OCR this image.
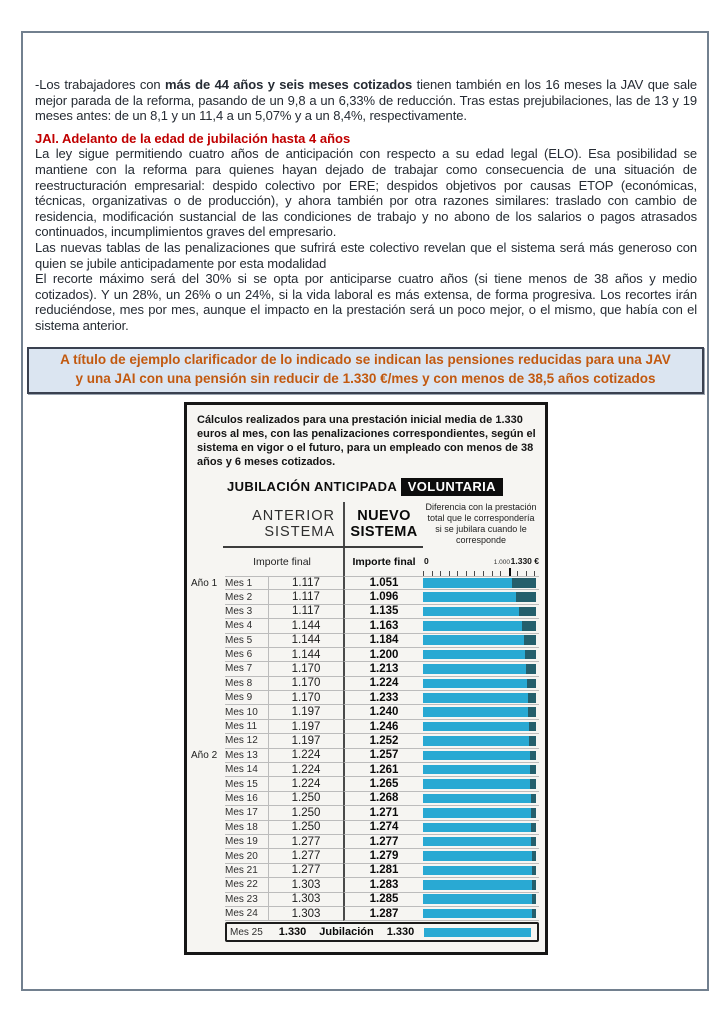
-Los trabajadores con más de 44 años y seis meses cotizados tienen también en los 16 meses la JAV que sale mejor parada de la reforma, pasando de un 9,8 a un 6,33% de reducción. Tras estas prejubilaciones, las de 13 y 19 meses antes: de un 8,1 y un 11,4 a un 5,07% y a un 8,4%, respectivamente.

JAI. Adelanto de la edad de jubilación hasta 4 años

La ley sigue permitiendo cuatro años de anticipación con respecto a su edad legal (ELO). Esa posibilidad se mantiene con la reforma para quienes hayan dejado de trabajar como consecuencia de una situación de reestructuración empresarial: despido colectivo por ERE; despidos objetivos por causas ETOP (económicas, técnicas, organizativas o de producción), y ahora también por otra razones similares: traslado con cambio de residencia, modificación sustancial de las condiciones de trabajo y no abono de los salarios o pagos atrasados continuados, incumplimientos graves del empresario.

Las nuevas tablas de las penalizaciones que sufrirá este colectivo revelan que el sistema será más generoso con quien se jubile anticipadamente por esta modalidad

El recorte máximo será del 30% si se opta por anticiparse cuatro años (si tiene menos de 38 años y medio cotizados). Y un 28%, un 26% o un 24%, si la vida laboral es más extensa, de forma progresiva. Los recortes irán reduciéndose, mes por mes, aunque el impacto en la prestación será un poco mejor, o el mismo, que había con el sistema anterior.

A título de ejemplo clarificador de lo indicado se indican las pensiones reducidas para una JAV
y una JAI con una pensión sin reducir de 1.330 €/mes y con menos de 38,5 años cotizados
Cálculos realizados para una prestación inicial media de 1.330 euros al mes, con las penalizaciones correspondientes, según el sistema en vigor o el futuro, para un empleado con menos de 38 años y 6 meses cotizados.
JUBILACIÓN ANTICIPADA VOLUNTARIA
ANTERIOR SISTEMA
NUEVO SISTEMA
Importe final	Importe final
Diferencia con la prestación total que le correspondería si se jubilara cuando le corresponde
0	1.000 1.330 €
Año 1 Mes 1	1.117	1.051
Mes 2	1.117	1.096
Mes 3	1.117	1.135
Mes 4	1.144	1.163
Mes 5	1.144	1.184
Mes 6	1.144	1.200
Mes 7	1.170	1.213
Mes 8	1.170	1.224
Mes 9	1.170	1.233
Mes 10	1.197	1.240
Mes 11	1.197	1.246
Mes 12	1.197	1.252
Año 2 Mes 13	1.224	1.257
Mes 14	1.224	1.261
Mes 15	1.224	1.265
Mes 16	1.250	1.268
Mes 17	1.250	1.271
Mes 18	1.250	1.274
Mes 19	1.277	1.277
Mes 20	1.277	1.279
Mes 21	1.277	1.281
Mes 22	1.303	1.283
Mes 23	1.303	1.285
Mes 24	1.303	1.287
Mes 25	1.330 Jubilación 1.330
